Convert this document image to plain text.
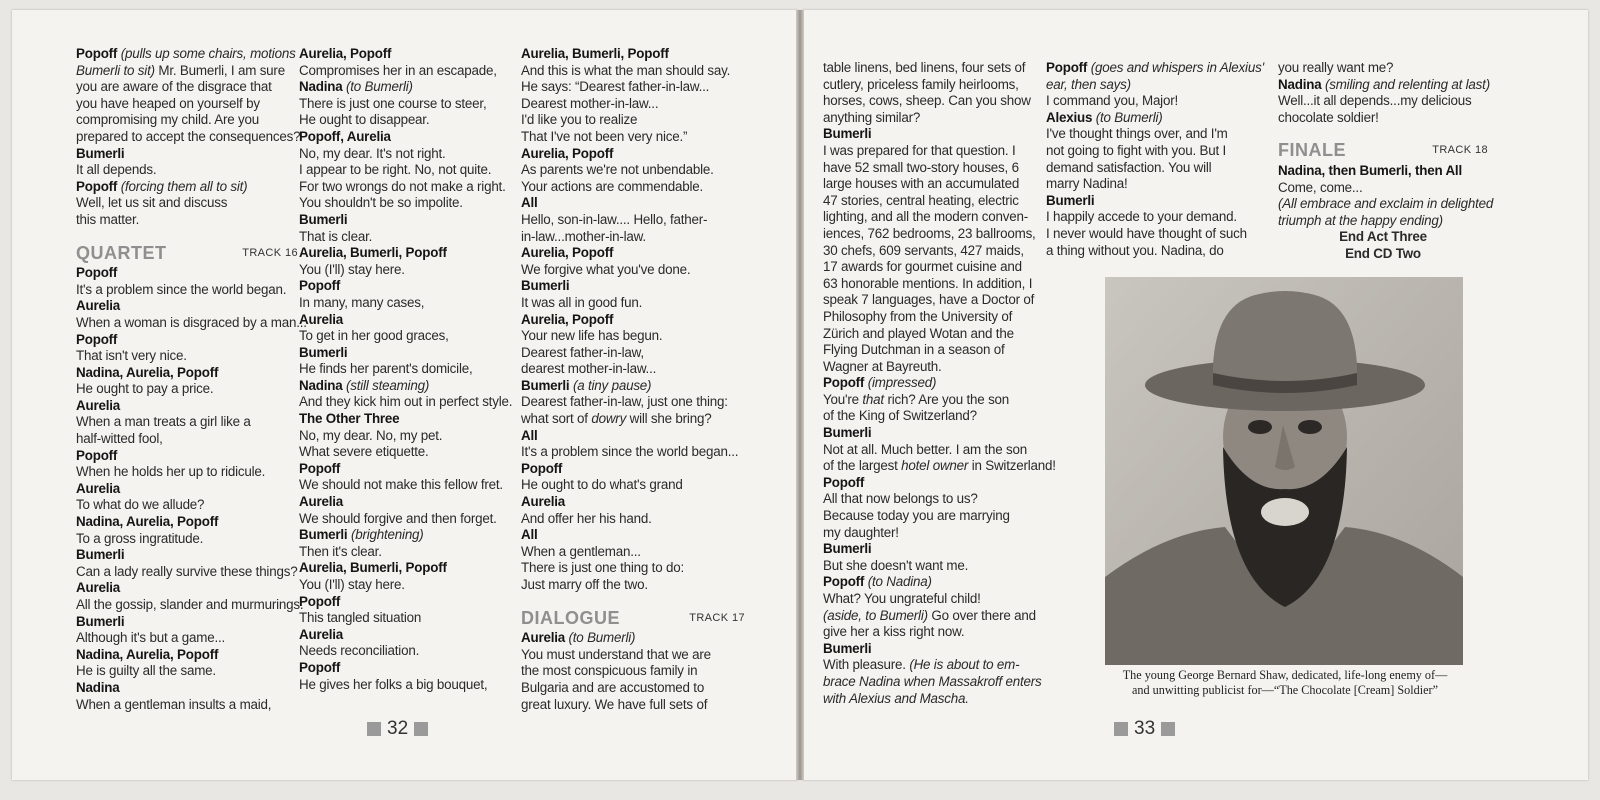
Popoff (pulls up some chairs, motions
Bumerli to sit) Mr. Bumerli, I am sure
you are aware of the disgrace that
you have heaped on yourself by
compromising my child. Are you
prepared to accept the consequences?
Bumerli
It all depends.
Popoff (forcing them all to sit)
Well, let us sit and discuss
this matter.
QUARTET	TRACK 16
Popoff
It's a problem since the world began.
Aurelia
When a woman is disgraced by a man...
Popoff
That isn't very nice.
Nadina, Aurelia, Popoff
He ought to pay a price.
Aurelia
When a man treats a girl like a
half-witted fool,
Popoff
When he holds her up to ridicule.
Aurelia
To what do we allude?
Nadina, Aurelia, Popoff
To a gross ingratitude.
Bumerli
Can a lady really survive these things?
Aurelia
All the gossip, slander and murmurings.
Bumerli
Although it's but a game...
Nadina, Aurelia, Popoff
He is guilty all the same.
Nadina
When a gentleman insults a maid,
Aurelia, Popoff
Compromises her in an escapade,
Nadina (to Bumerli)
There is just one course to steer,
He ought to disappear.
Popoff, Aurelia
No, my dear. It's not right.
I appear to be right. No, not quite.
For two wrongs do not make a right.
You shouldn't be so impolite.
Bumerli
That is clear.
Aurelia, Bumerli, Popoff
You (I'll) stay here.
Popoff
In many, many cases,
Aurelia
To get in her good graces,
Bumerli
He finds her parent's domicile,
Nadina (still steaming)
And they kick him out in perfect style.
The Other Three
No, my dear. No, my pet.
What severe etiquette.
Popoff
We should not make this fellow fret.
Aurelia
We should forgive and then forget.
Bumerli (brightening)
Then it's clear.
Aurelia, Bumerli, Popoff
You (I'll) stay here.
Popoff
This tangled situation
Aurelia
Needs reconciliation.
Popoff
He gives her folks a big bouquet,
Aurelia, Bumerli, Popoff
And this is what the man should say.
He says: “Dearest father-in-law...
Dearest mother-in-law...
I'd like you to realize
That I've not been very nice.”
Aurelia, Popoff
As parents we're not unbendable.
Your actions are commendable.
All
Hello, son-in-law.... Hello, father-
in-law...mother-in-law.
Aurelia, Popoff
We forgive what you've done.
Bumerli
It was all in good fun.
Aurelia, Popoff
Your new life has begun.
Dearest father-in-law,
dearest mother-in-law...
Bumerli (a tiny pause)
Dearest father-in-law, just one thing:
what sort of dowry will she bring?
All
It's a problem since the world began...
Popoff
He ought to do what's grand
Aurelia
And offer her his hand.
All
When a gentleman...
There is just one thing to do:
Just marry off the two.
DIALOGUE	TRACK 17
Aurelia (to Bumerli)
You must understand that we are
the most conspicuous family in
Bulgaria and are accustomed to
great luxury. We have full sets of
32
table linens, bed linens, four sets of
cutlery, priceless family heirlooms,
horses, cows, sheep. Can you show
anything similar?
Bumerli
I was prepared for that question. I
have 52 small two-story houses, 6
large houses with an accumulated
47 stories, central heating, electric
lighting, and all the modern conven-
iences, 762 bedrooms, 23 ballrooms,
30 chefs, 609 servants, 427 maids,
17 awards for gourmet cuisine and
63 honorable mentions. In addition, I
speak 7 languages, have a Doctor of
Philosophy from the University of
Zürich and played Wotan and the
Flying Dutchman in a season of
Wagner at Bayreuth.
Popoff (impressed)
You're that rich? Are you the son
of the King of Switzerland?
Bumerli
Not at all. Much better. I am the son
of the largest hotel owner in Switzerland!
Popoff
All that now belongs to us?
Because today you are marrying
my daughter!
Bumerli
But she doesn't want me.
Popoff (to Nadina)
What? You ungrateful child!
(aside, to Bumerli) Go over there and
give her a kiss right now.
Bumerli
With pleasure. (He is about to em-
brace Nadina when Massakroff enters
with Alexius and Mascha.
Popoff (goes and whispers in Alexius'
ear, then says)
I command you, Major!
Alexius (to Bumerli)
I've thought things over, and I'm
not going to fight with you. But I
demand satisfaction. You will
marry Nadina!
Bumerli
I happily accede to your demand.
I never would have thought of such
a thing without you. Nadina, do
you really want me?
Nadina (smiling and relenting at last)
Well...it all depends...my delicious
chocolate soldier!
FINALE	TRACK 18
Nadina, then Bumerli, then All
Come, come...
(All embrace and exclaim in delighted
triumph at the happy ending)
End Act Three
End CD Two
The young George Bernard Shaw, dedicated, life-long enemy of—
and unwitting publicist for—“The Chocolate [Cream] Soldier”
33
